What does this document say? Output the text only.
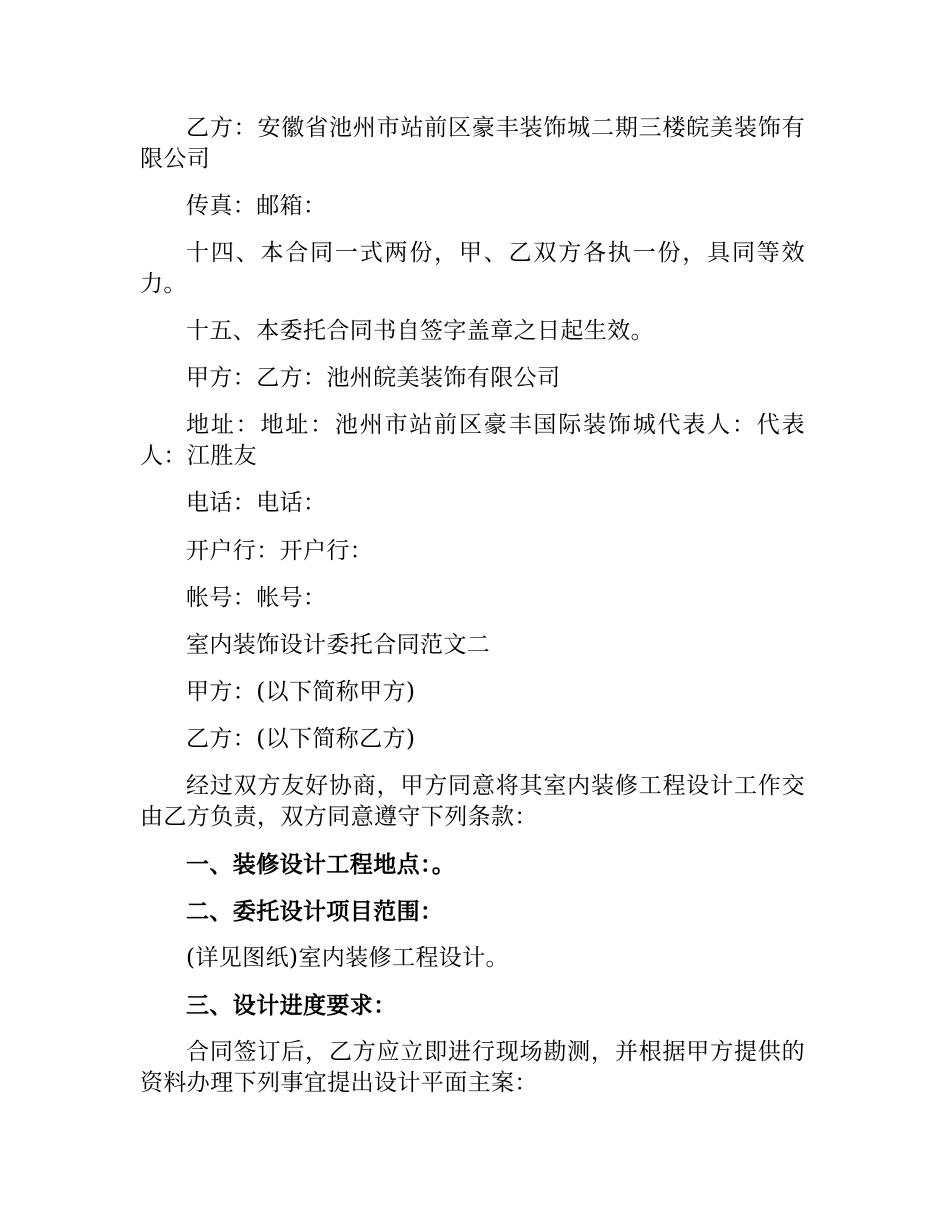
乙方：安徽省池州市站前区豪丰装饰城二期三楼皖美装饰有限公司

传真：邮箱：

十四、本合同一式两份，甲、乙双方各执一份，具同等效力。

十五、本委托合同书自签字盖章之日起生效。

甲方：乙方：池州皖美装饰有限公司

地址：地址：池州市站前区豪丰国际装饰城代表人：代表人：江胜友

电话：电话：

开户行：开户行：

帐号：帐号：

室内装饰设计委托合同范文二

甲方：(以下简称甲方)

乙方：(以下简称乙方)

经过双方友好协商，甲方同意将其室内装修工程设计工作交由乙方负责，双方同意遵守下列条款：

一、装修设计工程地点：。

二、委托设计项目范围：

(详见图纸)室内装修工程设计。

三、设计进度要求：

合同签订后，乙方应立即进行现场勘测，并根据甲方提供的资料办理下列事宜提出设计平面主案：
